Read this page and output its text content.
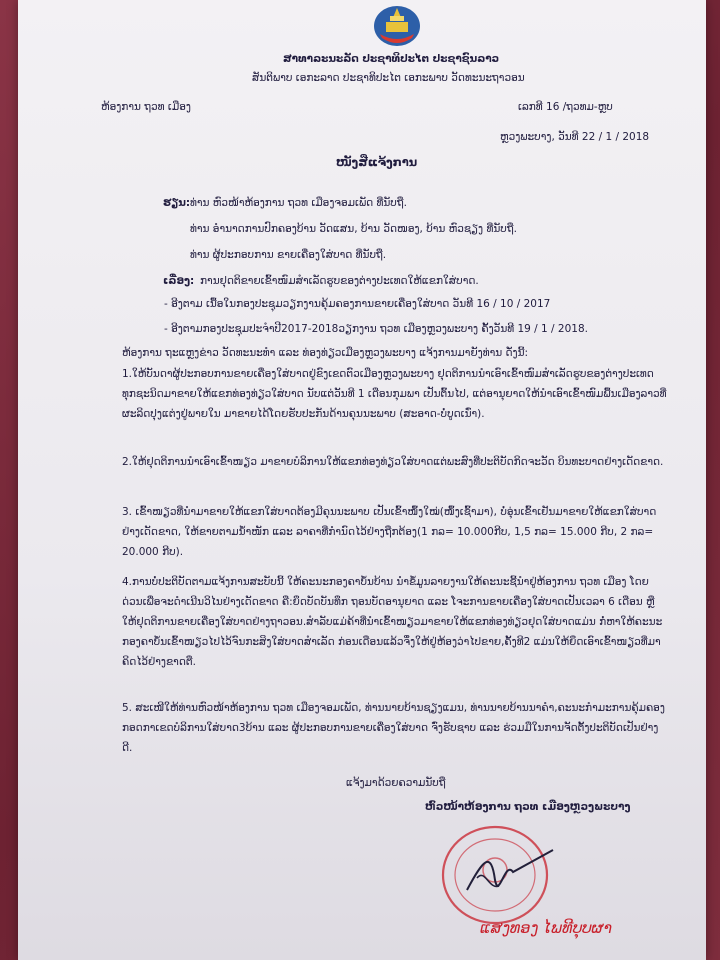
ສາທາລະນະລັດ ປະຊາທິປະໄຕ ປະຊາຊົນລາວ
ສັນຕິພາບ ເອກະລາດ ປະຊາທິປະໄຕ ເອກະພາບ ວັດທະນະຖາວອນ
ຫ້ອງການ ຖວທ ເມືອງ	ເລກທີ 16 /ຖວທມ-ຫຼບ
ຫຼວງພະບາງ, ວັນທີ 22 / 1 / 2018
ໜັງສືແຈ້ງການ
ຮຽນ: ທ່ານ ຫົວໜ້າຫ້ອງການ ຖວທ ເມືອງຈອມເພັດ ທີ່ນັບຖື.
ທ່ານ ອຳນາດການປົກຄອງບ້ານ ວັດແສນ, ບ້ານ ວັດໜອງ, ບ້ານ ຫົວຊຽງ ທີ່ນັບຖື.
ທ່ານ ຜູ້ປະກອບການ ຂາຍເຄື່ອງໃສ່ບາດ ທີ່ນັບຖື.
ເລື່ອງ: ການຢຸດຕິຂາຍເຂົ້າໜົມສຳເລັດຮູບຂອງຕ່າງປະເທດໃຫ້ແຂກໃສ່ບາດ.
- ອີງຕາມ ເນື້ອໃນກອງປະຊຸມວຽກງານຄຸ້ມຄອງການຂາຍເຄື່ອງໃສ່ບາດ ວັນທີ 16 / 10 / 2017
- ອີງຕາມກອງປະຊຸມປະຈຳປີ2017-2018ວຽກງານ ຖວທ ເມືອງຫຼວງພະບາງ ຄັ້ງວັນທີ 19 / 1 / 2018.
ຫ້ອງການ ຖະແຫຼງຂ່າວ ວັດທະນະທຳ ແລະ ທ່ອງທ່ຽວເມືອງຫຼວງພະບາງ ແຈ້ງການມາຍັງທ່ານ ດັ່ງນີ້:
1.ໃຫ້ບັນດາຜູ້ປະກອບການຂາຍເຄື່ອງໃສ່ບາດຢູ່ຂົງເຂດຕົວເມືອງຫຼວງພະບາງ ຢຸດຕິການນຳເອົາເຂົ້າໜົມສຳເລັດຮູບຂອງຕ່າງປະເທດທຸກຊະນິດມາຂາຍໃຫ້ແຂກທ່ອງທ່ຽວໃສ່ບາດ ນັບແຕ່ວັນທີ 1 ເດືອນກຸມພາ ເປັນຕົ້ນໄປ, ແຕ່ອານຸຍາດໃຫ້ນຳເອົາເຂົ້າໜົມພື້ນເມືອງລາວທີ່ຜະລິດປຸງແຕ່ງຢູ່ພາຍໃນ ມາຂາຍໄດ້ໂດຍຮັບປະກັນດ້ານຄຸນນະພາບ (ສະອາດ-ບໍ່ບູດເນົ່າ).
2.ໃຫ້ຢຸດຕິການນຳເອົາເຂົ້າໜຽວ ມາຂາຍບໍລິການໃຫ້ແຂກທ່ອງທ່ຽວໃສ່ບາດແຕ່ພະສົງທີ່ປະຕິບັດກິດຈະວັດ ບິນທະບາດຢ່າງເດັດຂາດ.
3. ເຂົ້າໜຽວທີ່ນຳມາຂາຍໃຫ້ແຂກໃສ່ບາດຕ້ອງມີຄຸນນະພາບ ເປັນເຂົ້າໜຶ້ງໃໝ່(ໜຶ້ງເຊົ້າມາ), ບໍ່ອຸ່ນເຂົ້າເຢັນມາຂາຍໃຫ້ແຂກໃສ່ບາດຢ່າງເດັດຂາດ, ໃຫ້ຂາຍຕາມນ້ຳໜັກ ແລະ ລາຄາທີ່ກຳນົດໄວ້ຢ່າງຖືກຕ້ອງ(1 ກລ= 10.000ກີບ, 1,5 ກລ= 15.000 ກີບ, 2 ກລ= 20.000 ກີບ).
4.ການບໍ່ປະຕິບັດຕາມແຈ້ງການສະບັບນີ້ ໃຫ້ຄະນະກອງຄາບໍ້ນບ້ານ ນຳຂໍ້ມູນລາຍງານໃຫ້ຄະນະຊີ້ນຳຢູ່ຫ້ອງການ ຖວທ ເມືອງ ໂດຍດ່ວນເພື່ອຈະດຳເນີນວິໄນຢ່າງເດັດຂາດ ຄື:ຍຶດບັດບັນທຶກ ຖອນບັດອານຸຍາດ ແລະ ໂຈະການຂາຍເຄື່ອງໃສ່ບາດເປັນເວລາ 6 ເດືອນ ຫຼື ໃຫ້ຢຸດຕິການຂາຍເຄື່ອງໃສ່ບາດຢ່າງຖາວອນ.ສຳລັບແມ່ຄ້າທີ່ນຳເຂົ້າໜຽວມາຂາຍໃຫ້ແຂກທ່ອງທ່ຽວຢຸດໃສ່ບາດແມ່ນ ກໍ່ຫາໃຫ້ຄະນະກອງຄາບໍ້ນເຂົ້າໜຽວໄປໄວ້ຈົນກະສິງໃສ່ບາດສຳເລັດ ກ່ອນເດືອນແລ້ວຈຶ່ງໃຫ້ຢູ່ຫ້ອງວ່າໄປຂາຍ,ຄັ້ງທີ2 ແມ່ນໃຫ້ຍຶດເອົາເຂົ້າໜຽວທີ່ມາຄິດໄວ້ຢ່າງຂາດຕື.
5. ສະເໜີໃຫ້ທ່ານຫົວໜ້າຫ້ອງການ ຖວທ ເມືອງຈອມເພັດ, ທ່ານນາຍບ້ານຊຽງແມນ, ທ່ານນາຍບ້ານນາຄຳ,ຄະນະກຳມະການຄຸ້ມຄອງ ກອດກາເຂດບໍລິການໃສ່ບາດ3ບ້ານ ແລະ ຜູ້ປະກອບການຂາຍເຄື່ອງໃສ່ບາດ ຈົ່ງຮັບຊາບ ແລະ ຮ່ວມມືໃນການຈັດຕັ້ງປະຕິບັດເປັນຢ່າງດີ.
ແຈ້ງມາດ້ວຍຄວາມນັບຖື
ຫົວໜ້າຫ້ອງການ ຖວທ ເມືອງຫຼວງພະບາງ
ແສງທອງ ໄພທີບຸບຜາ
